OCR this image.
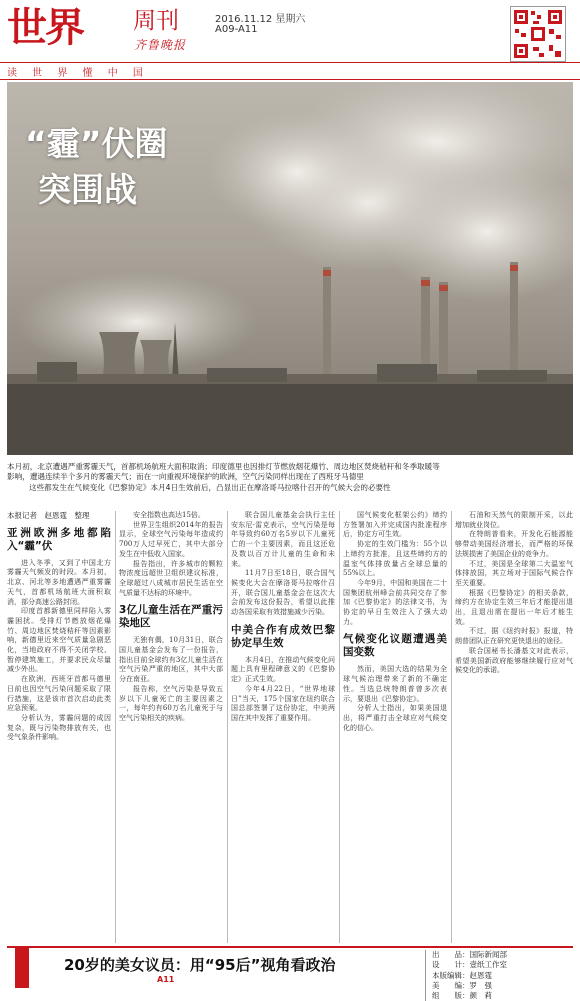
世界 周刊
齐鲁晚报
2016.11.12 星期六
A09-A11
读 世 界 懂 中 国
“霾”伏圈
突围战

本月初，北京遭遇严重雾霾天气，首都机场航班大面积取消；印度德里也因排灯节燃放烟花爆竹、周边地区焚烧秸秆和冬季取暖等

影响，遭遇连续半个多月的雾霾天气；而在一向重视环境保护的欧洲，空气污染同样出现在了西班牙马德里

这些都发生在气候变化《巴黎协定》本月4日生效前后，凸显出正在摩洛哥马拉喀什召开的气候大会的必要性

本报记者　赵恩霆　整理
亚洲欧洲多地都陷入“霾”伏

进入冬季，又到了中国北方雾霾天气频发的时段。本月初，北京、河北等多地遭遇严重雾霾天气，首都机场航班大面积取消，部分高速公路封闭。

印度首都新德里同样陷入雾霾困扰。受排灯节燃放烟花爆竹、周边地区焚烧秸秆等因素影响，新德里近来空气质量急剧恶化，当地政府不得不关闭学校、暂停建筑施工，并要求民众尽量减少外出。

在欧洲，西班牙首都马德里日前也因空气污染问题采取了限行措施，这是该市首次启动此类应急预案。

分析认为，雾霾问题的成因复杂，既与污染物排放有关，也受气象条件影响。

安全指数也高达15倍。

世界卫生组织2014年的报告显示，全球空气污染每年造成约700万人过早死亡，其中大部分发生在中低收入国家。

报告指出，许多城市的颗粒物浓度远超世卫组织建议标准，全球超过八成城市居民生活在空气质量不达标的环境中。

3亿儿童生活在严重污染地区

无独有偶，10月31日，联合国儿童基金会发布了一份报告，指出目前全球约有3亿儿童生活在空气污染严重的地区，其中大部分在南亚。

报告称，空气污染是导致五岁以下儿童死亡的主要因素之一，每年约有60万名儿童死于与空气污染相关的疾病。

联合国儿童基金会执行主任安东尼·雷克表示，空气污染是每年导致约60万名5岁以下儿童死亡的一个主要因素，而且这还危及数以百万计儿童的生命和未来。

11月7日至18日，联合国气候变化大会在摩洛哥马拉喀什召开，联合国儿童基金会在这次大会前发布这份报告，希望以此推动各国采取有效措施减少污染。

中美合作有成效巴黎协定早生效

本月4日，在推动气候变化问题上具有里程碑意义的《巴黎协定》正式生效。

今年4月22日，“世界地球日”当天，175个国家在纽约联合国总部签署了这份协定，中美两国在其中发挥了重要作用。

国气候变化框架公约》缔约方签署加入并完成国内批准程序后，协定方可生效。

协定的生效门槛为：55个以上缔约方批准，且这些缔约方的温室气体排放量占全球总量的55%以上。

今年9月，中国和美国在二十国集团杭州峰会前共同交存了参加《巴黎协定》的法律文书，为协定的早日生效注入了强大动力。

气候变化议题遭遇美国变数

然而，美国大选的结果为全球气候治理带来了新的不确定性。当选总统特朗普曾多次表示，要退出《巴黎协定》。

分析人士指出，如果美国退出，将严重打击全球应对气候变化的信心。

石油和天然气的限制开采，以此增加就业岗位。

在特朗普看来，开发化石能源能够带动美国经济增长，而严格的环保法规损害了美国企业的竞争力。

不过，美国是全球第二大温室气体排放国，其立场对于国际气候合作至关重要。

根据《巴黎协定》的相关条款，缔约方在协定生效三年后才能提出退出，且退出需在提出一年后才能生效。

不过，据《纽约时报》报道，特朗普团队正在研究更快退出的途径。

联合国秘书长潘基文对此表示，希望美国新政府能够继续履行应对气候变化的承诺。

20岁的美女议员：用“95后”视角看政治
A11
出　　品：国际新闻部
设　　计：壹纸工作室
本版编辑：赵恩霆
美　　编：罗　强
组　　版：颜　莉
